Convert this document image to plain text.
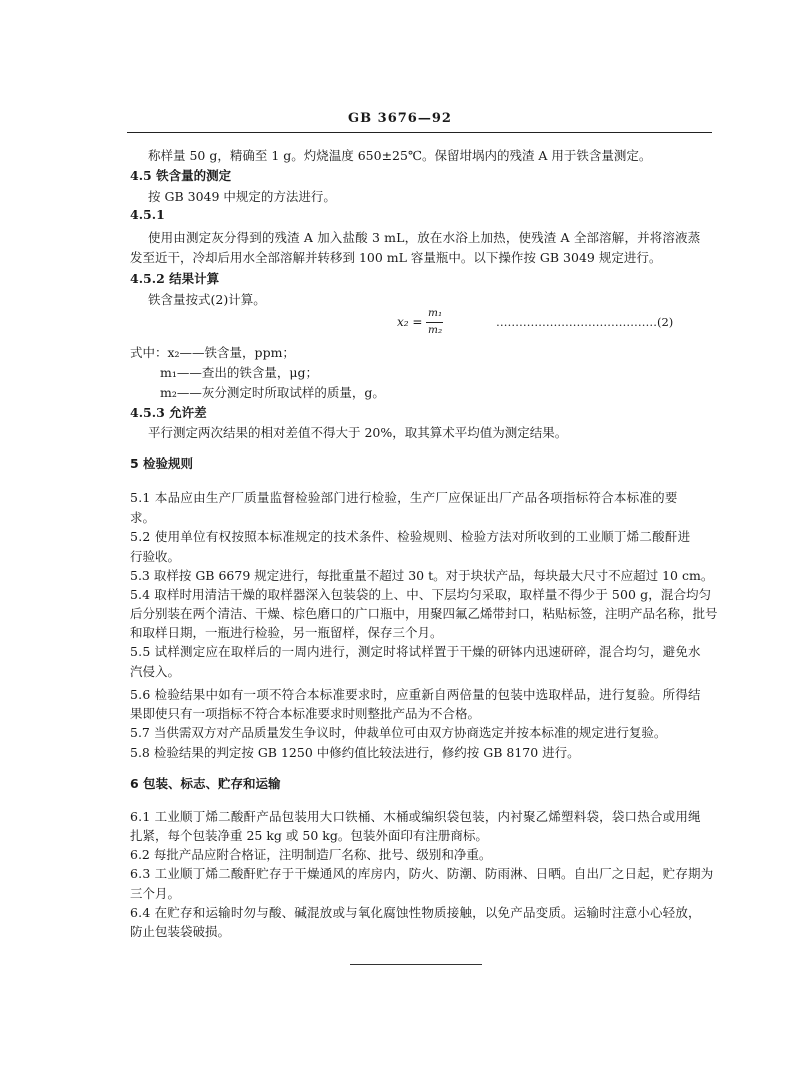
GB 3676—92
称样量 50 g，精确至 1 g。灼烧温度 650±25℃。保留坩埚内的残渣 A 用于铁含量测定。
4.5 铁含量的测定
按 GB 3049 中规定的方法进行。
4.5.1
使用由测定灰分得到的残渣 A 加入盐酸 3 mL，放在水浴上加热，使残渣 A 全部溶解，并将溶液蒸
发至近干，冷却后用水全部溶解并转移到 100 mL 容量瓶中。以下操作按 GB 3049 规定进行。
4.5.2 结果计算
铁含量按式(2)计算。
x₂ =
m₁
m₂
……………………………………(2)
式中：x₂——铁含量，ppm；
m₁——查出的铁含量，μg；
m₂——灰分测定时所取试样的质量，g。
4.5.3 允许差
平行测定两次结果的相对差值不得大于 20%，取其算术平均值为测定结果。
5 检验规则
5.1 本品应由生产厂质量监督检验部门进行检验，生产厂应保证出厂产品各项指标符合本标准的要
求。
5.2 使用单位有权按照本标准规定的技术条件、检验规则、检验方法对所收到的工业顺丁烯二酸酐进
行验收。
5.3 取样按 GB 6679 规定进行，每批重量不超过 30 t。对于块状产品，每块最大尺寸不应超过 10 cm。
5.4 取样时用清洁干燥的取样器深入包装袋的上、中、下层均匀采取，取样量不得少于 500 g，混合均匀
后分别装在两个清洁、干燥、棕色磨口的广口瓶中，用聚四氟乙烯带封口，粘贴标签，注明产品名称，批号
和取样日期，一瓶进行检验，另一瓶留样，保存三个月。
5.5 试样测定应在取样后的一周内进行，测定时将试样置于干燥的研钵内迅速研碎，混合均匀，避免水
汽侵入。
5.6 检验结果中如有一项不符合本标准要求时，应重新自两倍量的包装中选取样品，进行复验。所得结
果即使只有一项指标不符合本标准要求时则整批产品为不合格。
5.7 当供需双方对产品质量发生争议时，仲裁单位可由双方协商选定并按本标准的规定进行复验。
5.8 检验结果的判定按 GB 1250 中修约值比较法进行，修约按 GB 8170 进行。
6 包装、标志、贮存和运输
6.1 工业顺丁烯二酸酐产品包装用大口铁桶、木桶或编织袋包装，内衬聚乙烯塑料袋，袋口热合或用绳
扎紧，每个包装净重 25 kg 或 50 kg。包装外面印有注册商标。
6.2 每批产品应附合格证，注明制造厂名称、批号、级别和净重。
6.3 工业顺丁烯二酸酐贮存于干燥通风的库房内，防火、防潮、防雨淋、日晒。自出厂之日起，贮存期为
三个月。
6.4 在贮存和运输时勿与酸、碱混放或与氧化腐蚀性物质接触，以免产品变质。运输时注意小心轻放，
防止包装袋破损。
